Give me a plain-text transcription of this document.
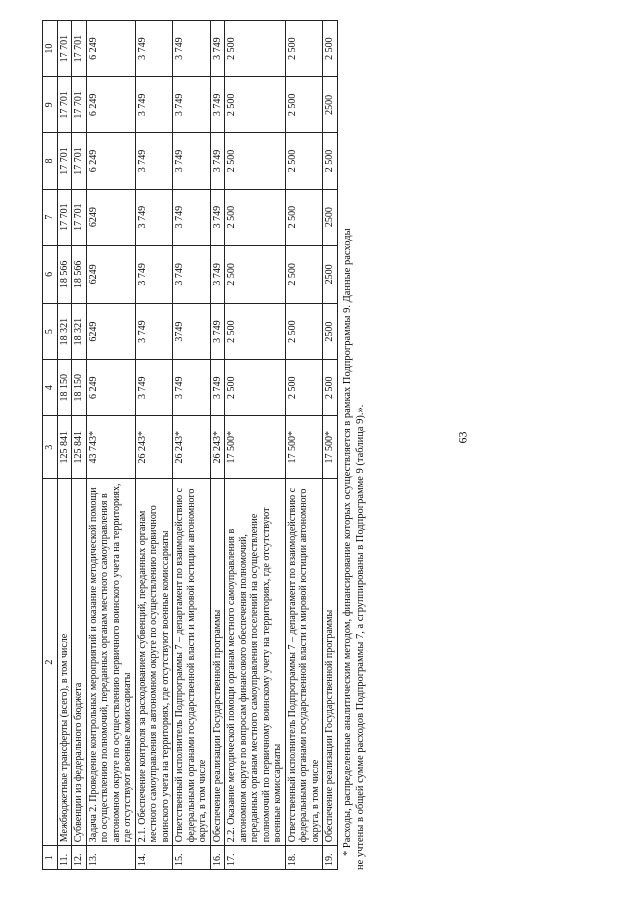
63
1	2	3	4	5	6	7	8	9	10
11.	Межбюджетные трансферты (всего), в том числе	125 841	18 150	18 321	18 566	17 701	17 701	17 701	17 701
12.	Субвенции из федерального бюджета	125 841	18 150	18 321	18 566	17 701	17 701	17 701	17 701
13.	Задача 2. Проведение контрольных мероприятий и оказание методической помощи по осуществлению полномочий, переданных органам местного самоуправления в автономном округе по осуществлению первичного воинского учета на территориях, где отсутствуют военные комиссариаты	43 743*	6 249	6249	6249	6249	6 249	6 249	6 249
14.	2.1. Обеспечение контроля за расходованием субвенций, переданных органам местного самоуправления в автономном округе по осуществлению первичного воинского учета на территориях, где отсутствуют военные комиссариаты	26 243*	3 749	3 749	3 749	3 749	3 749	3 749	3 749
15.	Ответственный исполнитель Подпрограммы 7 – департамент по взаимодействию с федеральными органами государственной власти и мировой юстиции автономного округа, в том числе	26 243*	3 749	3749	3 749	3 749	3 749	3 749	3 749
16.	Обеспечение реализации Государственной программы	26 243*	3 749	3 749	3 749	3 749	3 749	3 749	3 749
17.	2.2. Оказание методической помощи органам местного самоуправления в автономном округе по вопросам финансового обеспечения полномочий, переданных органам местного самоуправления поселений на осуществление полномочий по первичному воинскому учету на территориях, где отсутствуют военные комиссариаты	17 500*	2 500	2 500	2 500	2 500	2 500	2 500	2 500
18.	Ответственный исполнитель Подпрограммы 7 – департамент по взаимодействию с федеральными органами государственной власти и мировой юстиции автономного округа, в том числе	17 500*	2 500	2 500	2 500	2 500	2 500	2 500	2 500
19.	Обеспечение реализации Государственной программы	17 500*	2 500	2500	2500	2500	2 500	2500	2 500
* Расходы, распределенные аналитическим методом, финансирование которых осуществляется в рамках Подпрограммы 9. Данные расходы не учтены в общей сумме расходов Подпрограммы 7, а сгруппированы в Подпрограмме 9 (таблица 9).».
